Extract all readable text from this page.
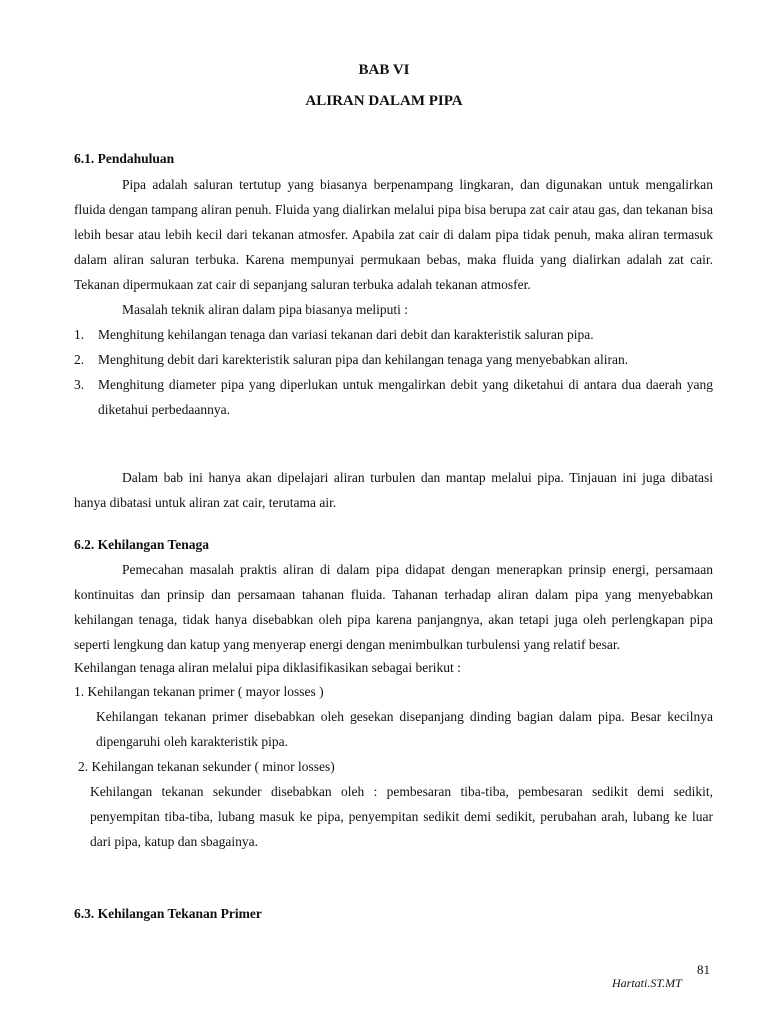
BAB VI
ALIRAN DALAM PIPA
6.1. Pendahuluan

Pipa adalah saluran tertutup yang biasanya berpenampang lingkaran, dan digunakan untuk mengalirkan fluida dengan tampang aliran penuh. Fluida yang dialirkan melalui pipa bisa berupa zat cair atau gas, dan tekanan bisa lebih besar atau lebih kecil dari tekanan atmosfer. Apabila zat cair di dalam pipa tidak penuh, maka aliran termasuk dalam aliran saluran terbuka. Karena mempunyai permukaan bebas, maka fluida yang dialirkan adalah zat cair. Tekanan dipermukaan zat cair di sepanjang saluran terbuka adalah tekanan atmosfer.

Masalah teknik aliran dalam pipa biasanya meliputi :

1. Menghitung kehilangan tenaga dan variasi tekanan dari debit dan karakteristik saluran pipa.
2. Menghitung debit dari karekteristik saluran pipa dan kehilangan tenaga yang menyebabkan aliran.
3. Menghitung diameter pipa yang diperlukan untuk mengalirkan debit yang diketahui di antara dua daerah yang diketahui perbedaannya.

Dalam bab ini hanya akan dipelajari aliran turbulen dan mantap melalui pipa. Tinjauan ini juga dibatasi hanya dibatasi untuk aliran zat cair, terutama air.

6.2. Kehilangan Tenaga

Pemecahan masalah praktis aliran di dalam pipa didapat dengan menerapkan prinsip energi, persamaan kontinuitas dan prinsip dan persamaan tahanan fluida. Tahanan terhadap aliran dalam pipa yang menyebabkan kehilangan tenaga, tidak hanya disebabkan oleh pipa karena panjangnya, akan tetapi juga oleh perlengkapan pipa seperti lengkung dan katup yang menyerap energi dengan menimbulkan turbulensi yang relatif besar.

Kehilangan tenaga aliran melalui pipa diklasifikasikan sebagai berikut :

1. Kehilangan tekanan primer ( mayor losses )

Kehilangan tekanan primer disebabkan oleh gesekan disepanjang dinding bagian dalam pipa. Besar kecilnya dipengaruhi oleh karakteristik pipa.

2. Kehilangan tekanan sekunder ( minor losses)

Kehilangan tekanan sekunder disebabkan oleh : pembesaran tiba-tiba, pembesaran sedikit demi sedikit, penyempitan tiba-tiba, lubang masuk ke pipa, penyempitan sedikit demi sedikit, perubahan arah, lubang ke luar dari pipa, katup dan sbagainya.

6.3. Kehilangan Tekanan Primer
81
Hartati.ST.MT
